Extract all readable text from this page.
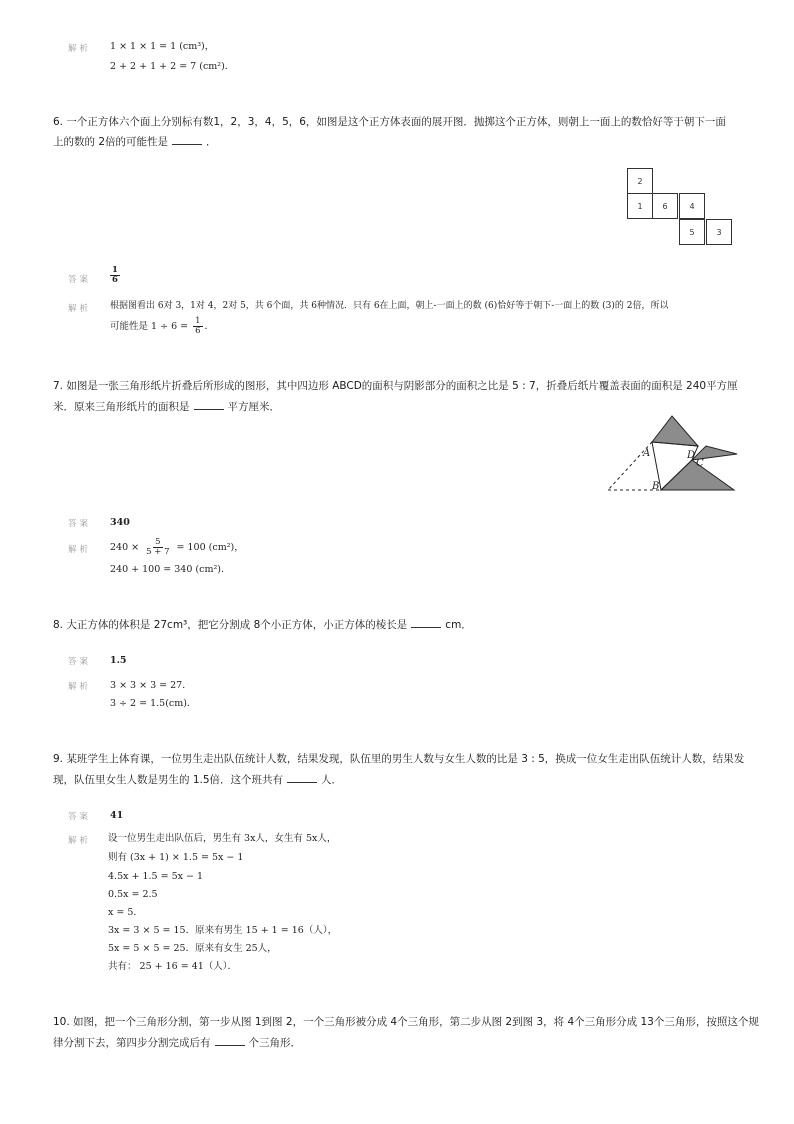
解析 1 × 1 × 1 = 1 (cm³)，
2 + 2 + 1 + 2 = 7 (cm²)．
6. 一个正方体六个面上分别标有数1，2，3，4，5，6，如图是这个正方体表面的展开图．抛掷这个正方体，则朝上一面上的数恰好等于朝下一面
上的数的 2倍的可能性是	．
2
1	6	4
5	3
答案 $\frac{1}{6}$
解析 根据图看出 6对 3，1对 4，2对 5，共 6个面，共 6种情况．只有 6在上面，朝上-一面上的数 (6)恰好等于朝下-一面上的数 (3)的 2倍，所以
可能性是 $1 \div 6 = \frac{1}{6}$ ．
7. 如图是一张三角形纸片折叠后所形成的图形，其中四边形 ABCD的面积与阴影部分的面积之比是 5 : 7，折叠后纸片覆盖表面的面积是 240平方厘
米．原来三角形纸片的面积是	平方厘米．
A
B
C
D
答案 340
解析 $240 \times \frac{5}{5 + 7} = 100$ (cm²)，
240 + 100 = 340 (cm²)．
8. 大正方体的体积是 27cm³，把它分割成 8个小正方体，小正方体的棱长是	cm．
答案 1.5
解析 3 × 3 × 3 = 27．
3 ÷ 2 = 1.5(cm)．
9. 某班学生上体育课，一位男生走出队伍统计人数，结果发现，队伍里的男生人数与女生人数的比是 3 : 5，换成一位女生走出队伍统计人数，结果发
现，队伍里女生人数是男生的 1.5倍．这个班共有	人．
答案 41
解析 设一位男生走出队伍后，男生有 3x人，女生有 5x人，
则有 (3x + 1) × 1.5 = 5x − 1
4.5x + 1.5 = 5x − 1
0.5x = 2.5
x = 5．
3x = 3 × 5 = 15．原来有男生 15 + 1 = 16（人），
5x = 5 × 5 = 25．原来有女生 25人，
共有： 25 + 16 = 41（人）．
10. 如图，把一个三角形分割，第一步从图 1到图 2，一个三角形被分成 4个三角形，第二步从图 2到图 3，将 4个三角形分成 13个三角形，按照这个规
律分割下去，第四步分割完成后有	个三角形．
